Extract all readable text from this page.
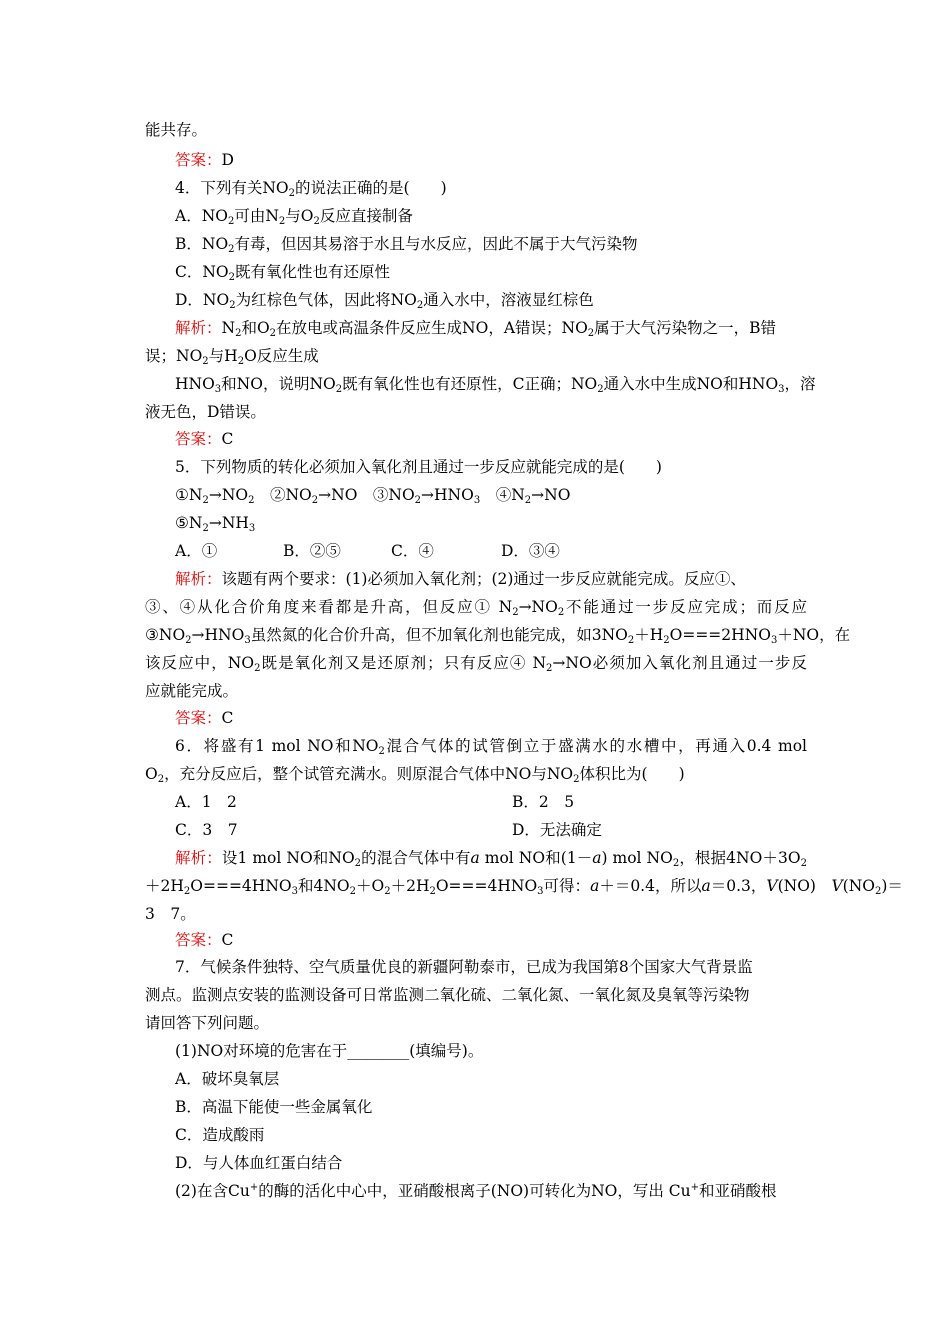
能共存。
答案：D
4．下列有关$NO_2$的说法正确的是(　　)
A．$NO_2$可由$N_2$与$O_2$反应直接制备
B．$NO_2$有毒，但因其易溶于水且与水反应，因此不属于大气污染物
C．$NO_2$既有氧化性也有还原性
D．$NO_2$为红棕色气体，因此将$NO_2$通入水中，溶液显红棕色
解析：$N_2$和$O_2$在放电或高温条件反应生成NO，A错误；$NO_2$属于大气污染物之一，B错
误；$NO_2$与$H_2O$反应生成
$HNO_3$和NO，说明$NO_2$既有氧化性也有还原性，C正确；$NO_2$通入水中生成NO和$HNO_3$，溶
液无色，D错误。
答案：C
5．下列物质的转化必须加入氧化剂且通过一步反应就能完成的是(　　)
$①N_2\to NO_2$　$②NO_2\to NO$　$③NO_2\to HNO_3$　$④N_2\to NO$
$⑤N_2\to NH_3$
A．①	B．②⑤	C．④	D．③④
解析：该题有两个要求：(1)必须加入氧化剂；(2)通过一步反应就能完成。反应①、
③、④从化合价角度来看都是升高，但反应① $N_2\to NO_2$不能通过一步反应完成；而反应
$③NO_2\to HNO_3$虽然氮的化合价升高，但不加氧化剂也能完成，如$3NO_2+H_2O===2HNO_3+NO$，在
该反应中，$NO_2$既是氧化剂又是还原剂；只有反应④ $N_2\to NO$必须加入氧化剂且通过一步反
应就能完成。
答案：C
6．将盛有1 mol NO和$NO_2$混合气体的试管倒立于盛满水的水槽中，再通入0.4 mol
$O_2$，充分反应后，整个试管充满水。则原混合气体中NO与$NO_2$体积比为(　　)
A．1　2	B．2　5
C．3　7	D．无法确定
解析：设1 mol NO和$NO_2$的混合气体中有a mol NO和(1－a) mol $NO_2$，根据$4NO+3O_2$
$+2H_2O===4HNO_3$和$4NO_2+O_2+2H_2O===4HNO_3$可得：a＋＝0.4，所以a＝0.3，V(NO)　$V(NO_2)=$
3　7。
答案：C
7．气候条件独特、空气质量优良的新疆阿勒泰市，已成为我国第8个国家大气背景监
测点。监测点安装的监测设备可日常监测二氧化硫、二氧化氮、一氧化氮及臭氧等污染物
请回答下列问题。
(1)NO对环境的危害在于________(填编号)。
A．破坏臭氧层
B．高温下能使一些金属氧化
C．造成酸雨
D．与人体血红蛋白结合
(2)在含Cu+的酶的活化中心中，亚硝酸根离子(NO)可转化为NO，写出 Cu+和亚硝酸根
